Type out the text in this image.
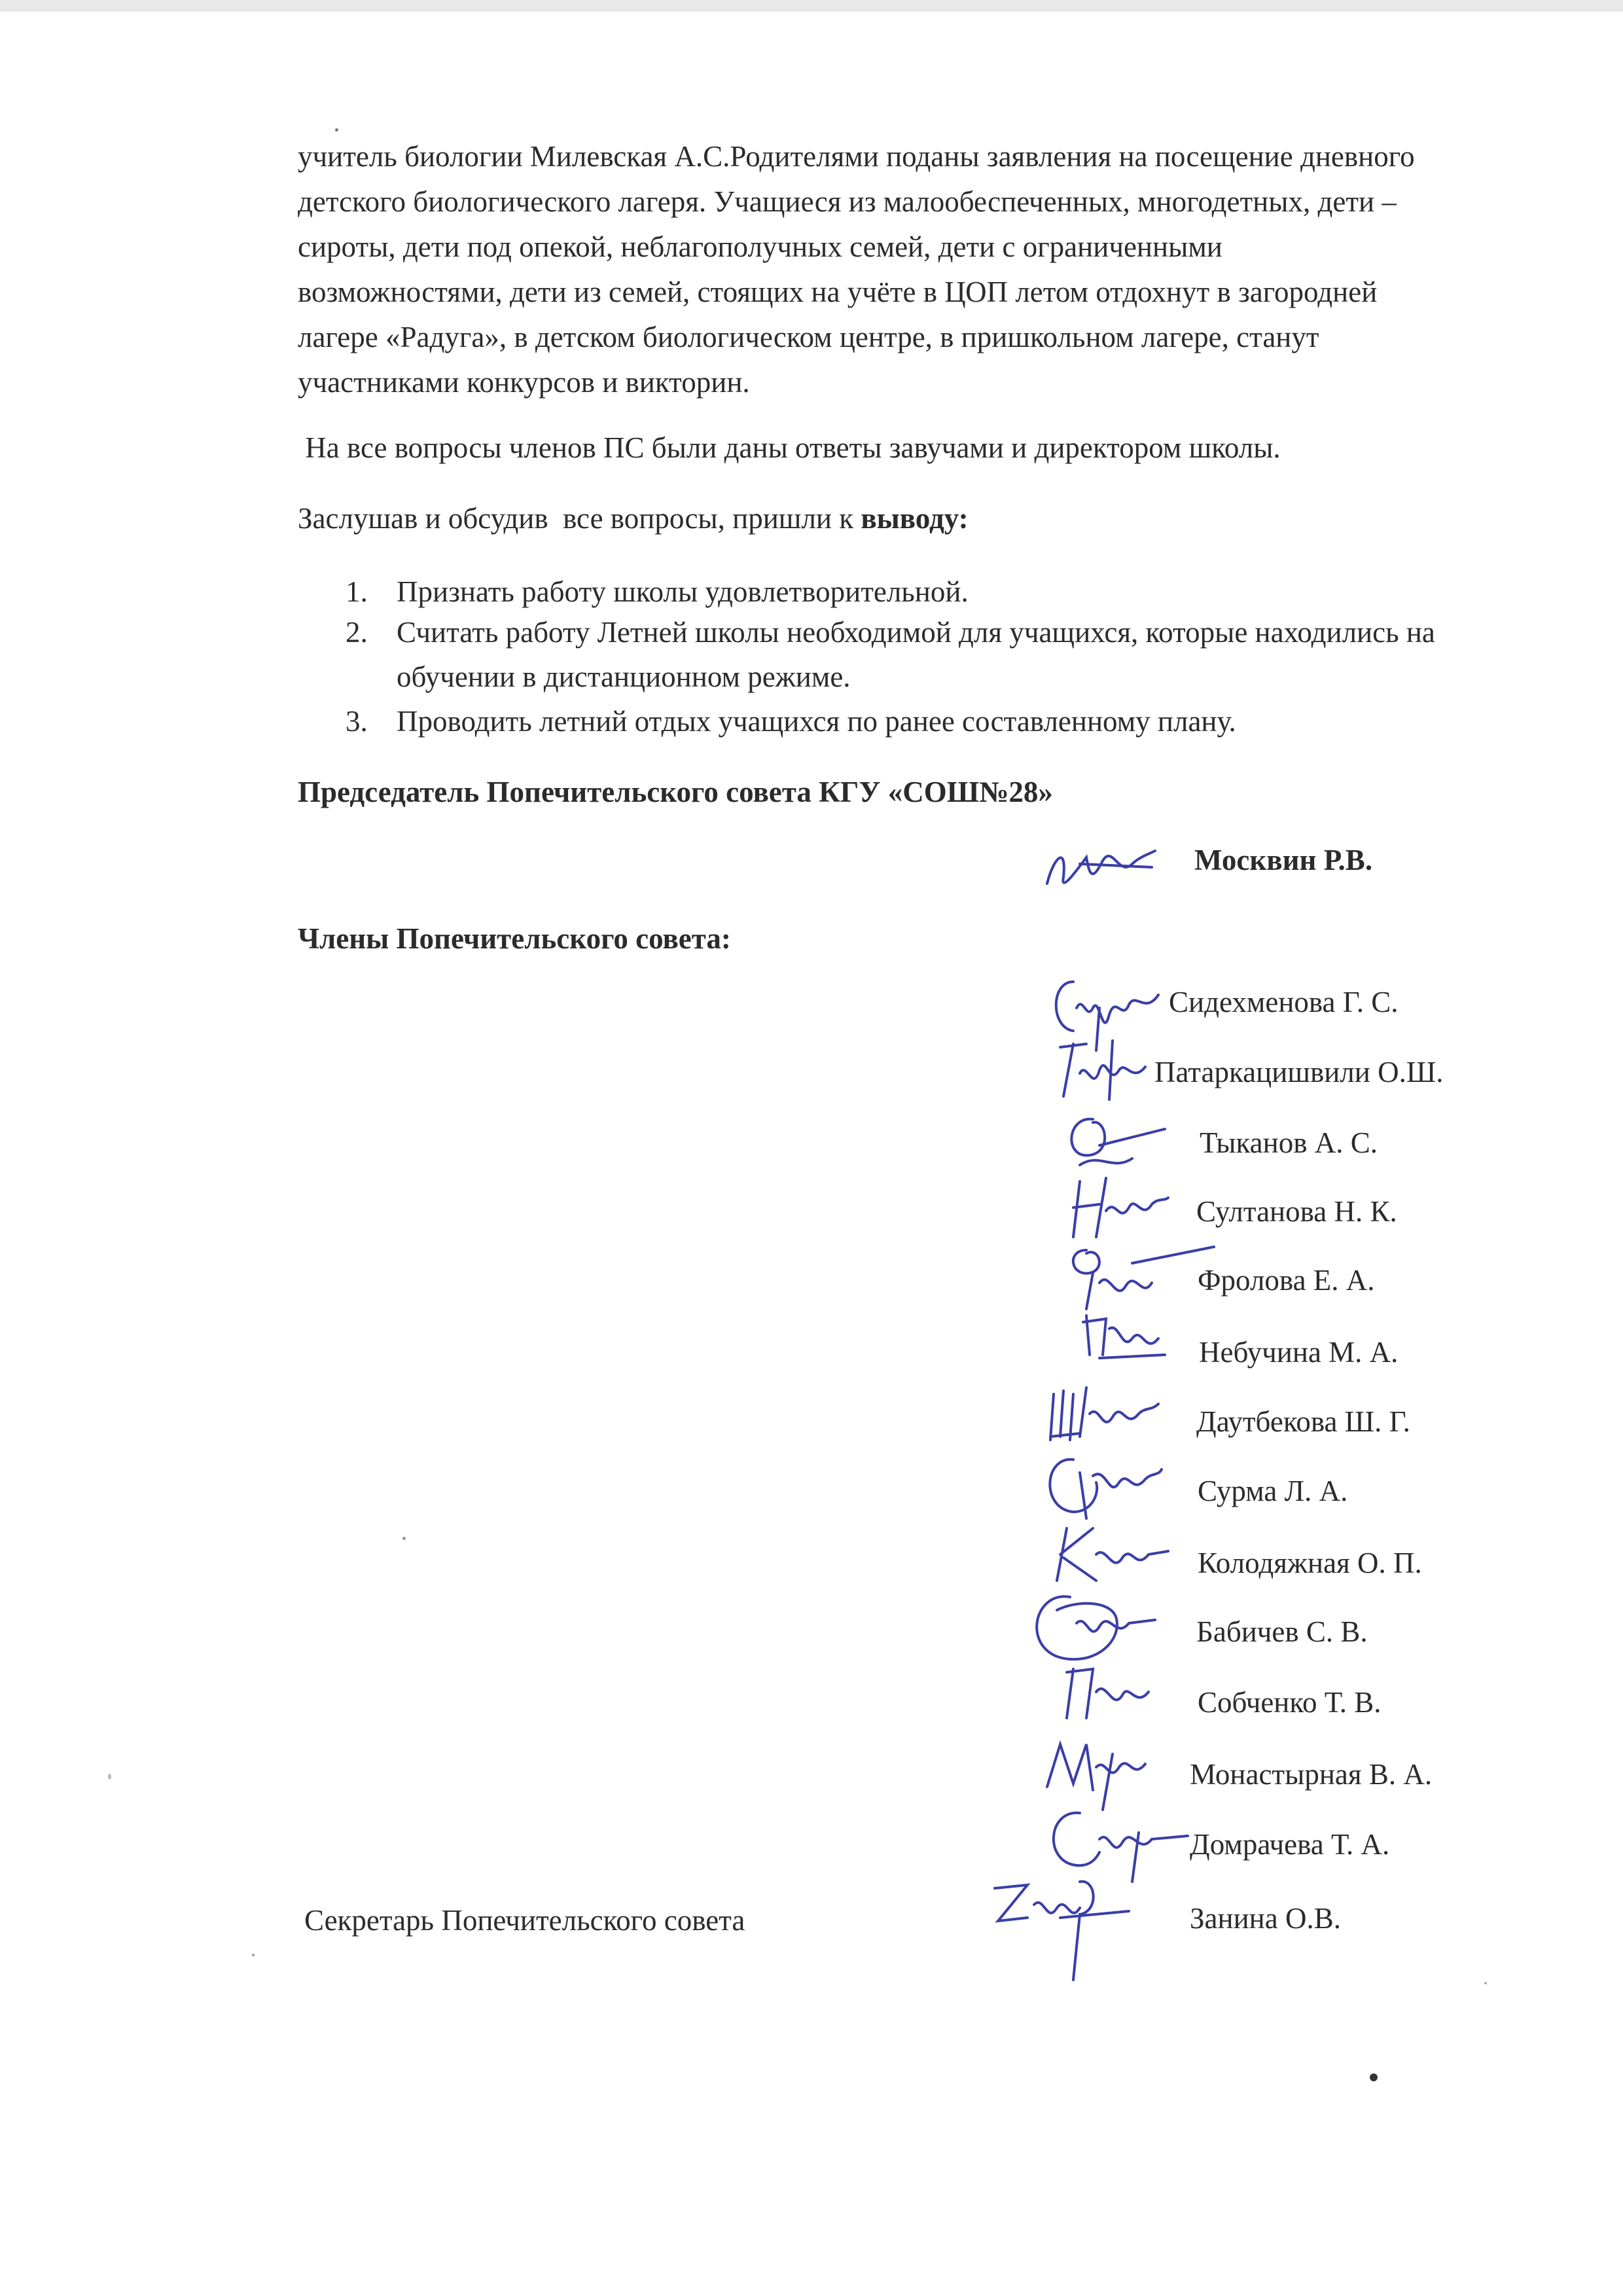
учитель биологии Милевская А.С.Родителями поданы заявления на посещение дневного
детского биологического лагеря. Учащиеся из малообеспеченных, многодетных, дети –
сироты, дети под опекой, неблагополучных семей, дети с ограниченными
возможностями, дети из семей, стоящих на учёте в ЦОП летом отдохнут в загородней
лагере «Радуга», в детском биологическом центре, в пришкольном лагере, станут
участниками конкурсов и викторин.
На все вопросы членов ПС были даны ответы завучами и директором школы.
Заслушав и обсудив  все вопросы, пришли к выводу:
1. Признать работу школы удовлетворительной.
2. Считать работу Летней школы необходимой для учащихся, которые находились на
обучении в дистанционном режиме.
3. Проводить летний отдых учащихся по ранее составленному плану.
Председатель Попечительского совета КГУ «СОШ№28»
Москвин Р.В.
Члены Попечительского совета:
Сидехменова Г. С.
Патаркацишвили О.Ш.
Тыканов А. С.
Султанова Н. К.
Фролова Е. А.
Небучина М. А.
Даутбекова Ш. Г.
Сурма Л. А.
Колодяжная О. П.
Бабичев С. В.
Собченко Т. В.
Монастырная В. А.
Домрачева Т. А.
Секретарь Попечительского совета	Занина О.В.
